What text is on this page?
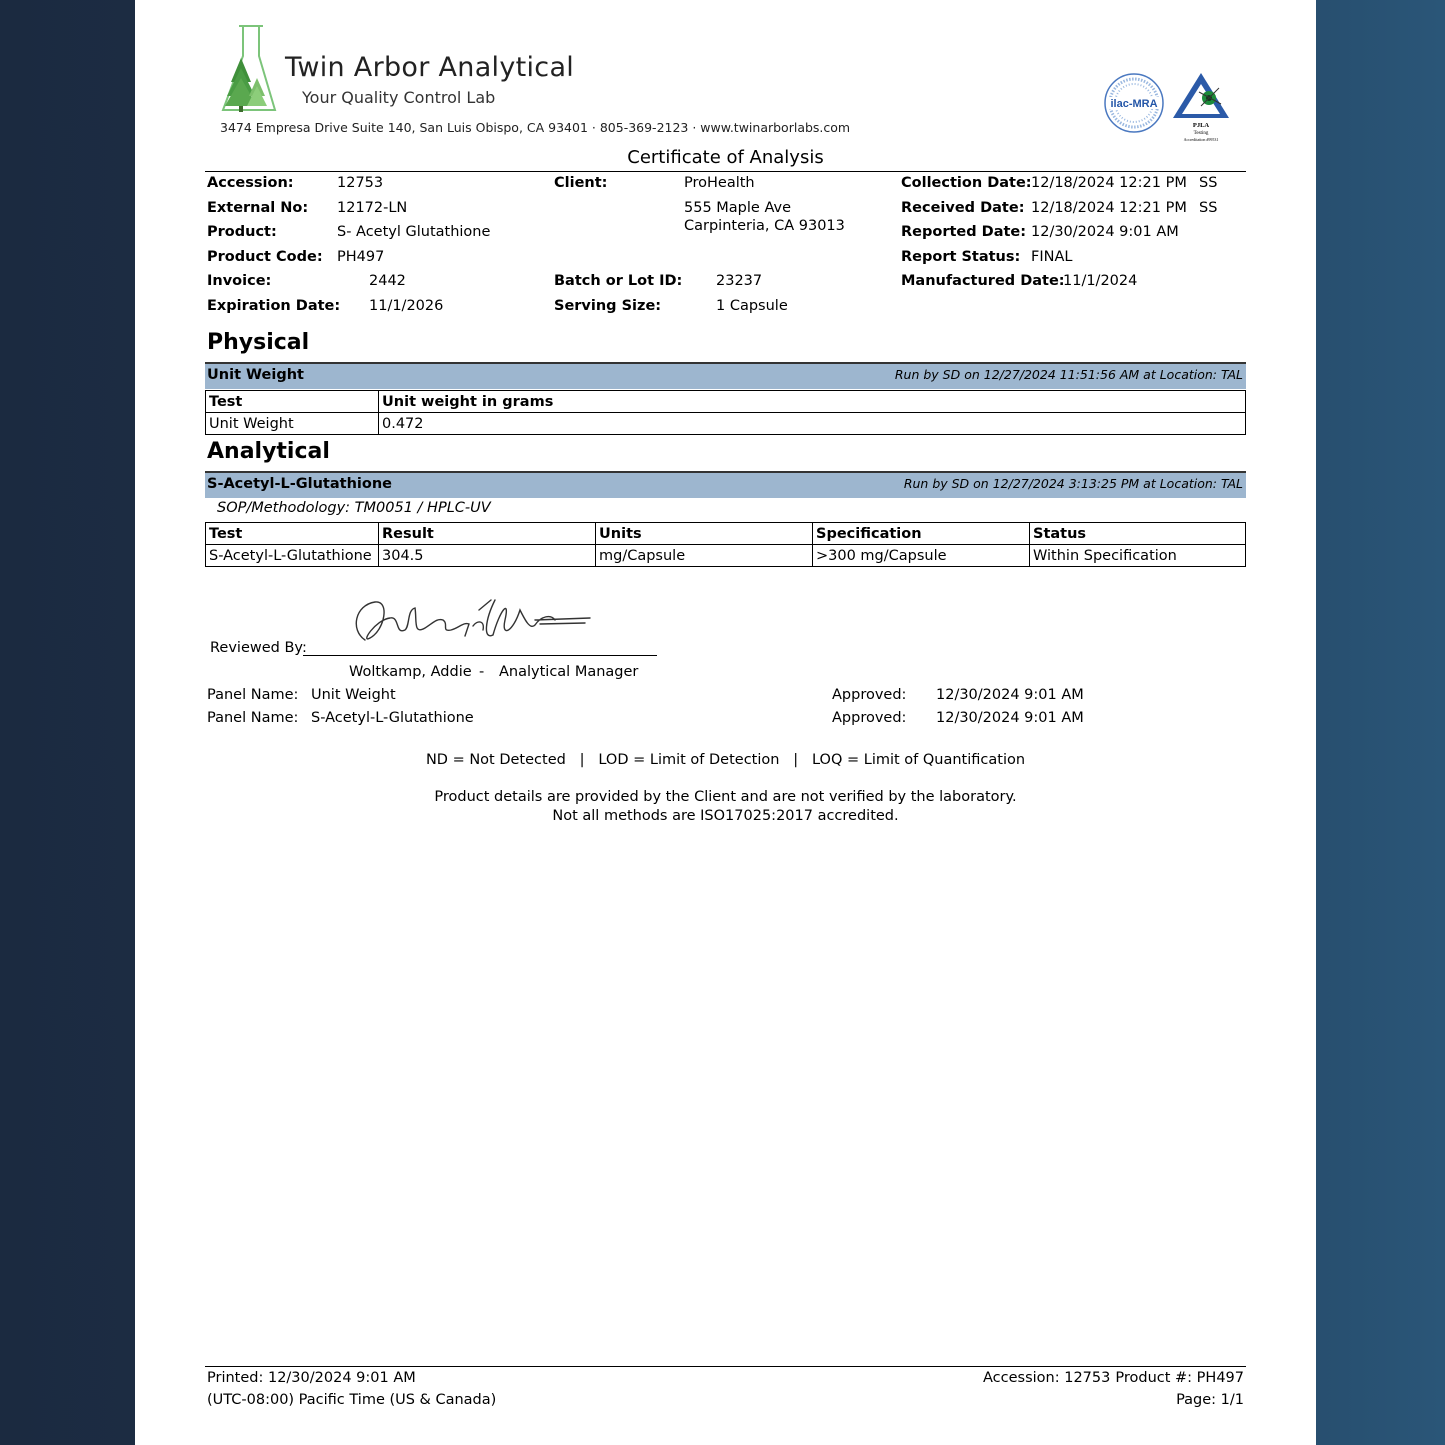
Twin Arbor Analytical
Your Quality Control Lab
3474 Empresa Drive Suite 140, San Luis Obispo, CA 93401 · 805-369-2123 · www.twinarborlabs.com
ilac-MRA
PJLA
Testing
Accreditation #99531
Certificate of Analysis
Accession:	12753
External No: 12172-LN
Product:	S- Acetyl Glutathione
Product Code: PH497
Invoice:	2442
Expiration Date: 11/1/2026
Client:	ProHealth
555 Maple Ave
Carpinteria, CA 93013
Batch or Lot ID: 23237
Serving Size:	1 Capsule
Collection Date: 12/18/2024 12:21 PM SS
Received Date: 12/18/2024 12:21 PM SS
Reported Date: 12/30/2024 9:01 AM
Report Status: FINAL
Manufactured Date:
11/1/2024
Physical
Unit Weight	Run by SD on 12/27/2024 11:51:56 AM at Location: TAL
Test	Unit weight in grams
Unit Weight	0.472
Analytical
S-Acetyl-L-Glutathione	Run by SD on 12/27/2024 3:13:25 PM at Location: TAL
SOP/Methodology: TM0051 / HPLC-UV
Test	Result	Units	Specification	Status
S-Acetyl-L-Glutathione	304.5	mg/Capsule	>300 mg/Capsule	Within Specification
Reviewed By:
Woltkamp, Addie - Analytical Manager
Panel Name: Unit Weight	Approved: 12/30/2024 9:01 AM
Panel Name: S-Acetyl-L-Glutathione	Approved: 12/30/2024 9:01 AM
ND = Not Detected   |   LOD = Limit of Detection   |   LOQ = Limit of Quantification
Product details are provided by the Client and are not verified by the laboratory.
Not all methods are ISO17025:2017 accredited.
Printed: 12/30/2024 9:01 AM
(UTC-08:00) Pacific Time (US & Canada)
Accession: 12753 Product #: PH497
Page: 1/1
